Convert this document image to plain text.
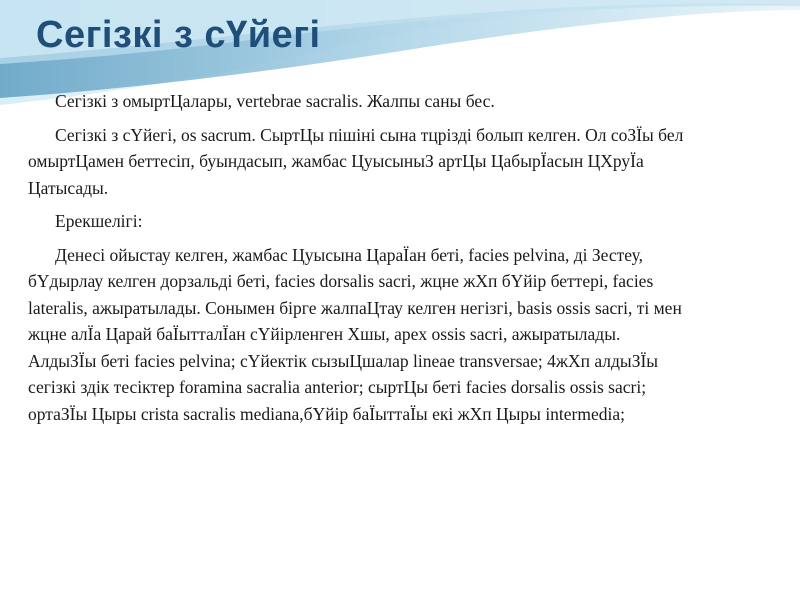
Сегізкі з сҮйегі

Сегізкі з омыртЦалары, vertebrae sacralis. Жалпы саны бес.

Сегізкі з сҮйегі, os sacrum. СыртЦы пішіні сына тцрізді болып келген. Ол соЗЇы бел омыртЦамен беттесіп, буындасып, жамбас ЦуысыныЗ артЦы ЦабырЇасын ЦХруЇа Цатысады.

Ерекшелігі:

Денесі ойыстау келген, жамбас Цуысына ЦараЇан беті, facies pelvina, ді Зестеу, бҮдырлау келген дорзальді беті, facies dorsalis sacri, жцне жХп бҮйір беттері, facies lateralis, ажыратылады. Сонымен бірге жалпаЦтау келген негізгі, basis ossis sacri, ті мен жцне алЇа Царай баЇытталЇан сҮйірленген Хшы, apex ossis sacri, ажыратылады. АлдыЗЇы беті facies pelvina; сҮйектік сызыЦшалар lineae transversae; 4жХп алдыЗЇы сегізкі здік тесіктер foramina sacralia anterior; сыртЦы беті facies dorsalis ossis sacri; ортаЗЇы Цыры crista sacralis mediana,бҮйір баЇыттаЇы екі жХп Цыры intermedia;
